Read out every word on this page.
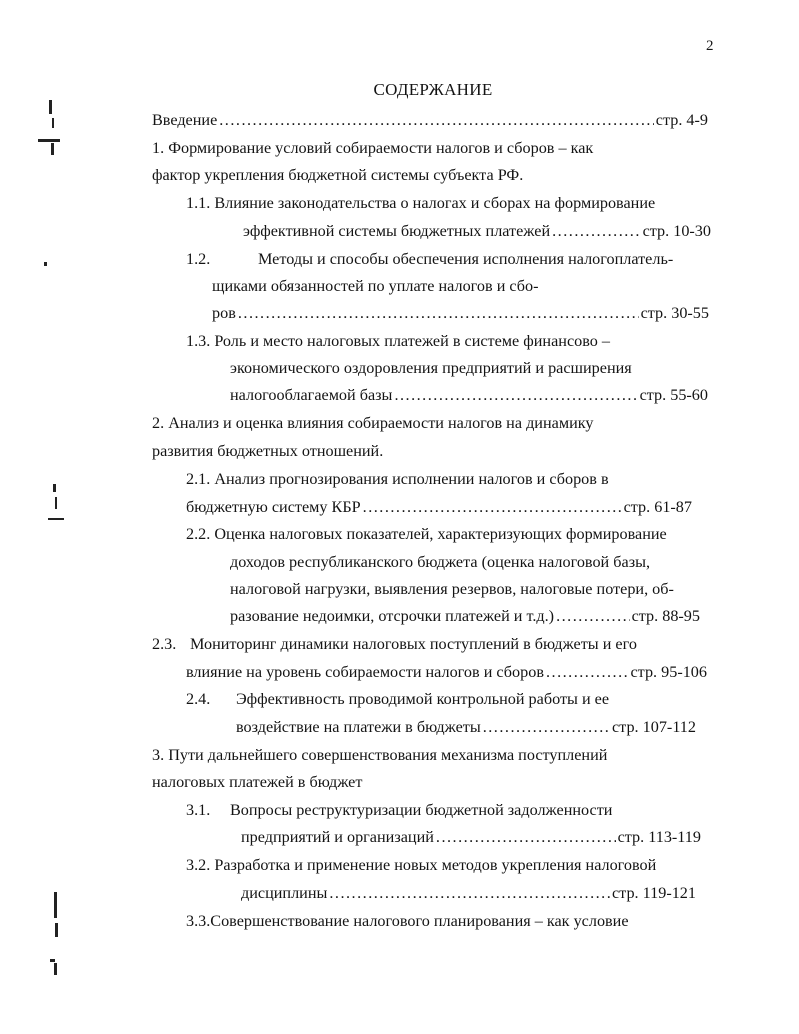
2
СОДЕРЖАНИЕ
Введение .....	стр. 4-9
1. Формирование условий собираемости налогов и сборов – как
фактор укрепления бюджетной системы субъекта РФ.
1.1. Влияние законодательства о налогах и сборах на формирование
эффективной системы бюджетных платежей .....	стр. 10-30
1.2.	Методы и способы обеспечения исполнения налогоплатель-
щиками обязанностей по уплате налогов и сбо-
ров .....	стр. 30-55
1.3. Роль и место налоговых платежей в системе финансово –
экономического оздоровления предприятий и расширения
налогооблагаемой базы .....	стр. 55-60
2. Анализ и оценка влияния собираемости налогов на динамику
развития бюджетных отношений.
2.1. Анализ прогнозирования исполнении налогов и сборов в
бюджетную систему КБР .....	стр. 61-87
2.2. Оценка налоговых показателей, характеризующих формирование
доходов республиканского бюджета (оценка налоговой базы,
налоговой нагрузки, выявления резервов, налоговые потери, об-
разование недоимки, отсрочки платежей и т.д.) .....	стр. 88-95
2.3. Мониторинг динамики налоговых поступлений в бюджеты и его
влияние на уровень собираемости налогов и сборов .....	стр. 95-106
2.4. Эффективность проводимой контрольной работы и ее
воздействие на платежи в бюджеты .....	стр. 107-112
3. Пути дальнейшего совершенствования механизма поступлений
налоговых платежей в бюджет
3.1. Вопросы реструктуризации бюджетной задолженности
предприятий и организаций .....	стр. 113-119
3.2. Разработка и применение новых методов укрепления налоговой
дисциплины .....	стр. 119-121
3.3.Совершенствование налогового планирования – как условие
